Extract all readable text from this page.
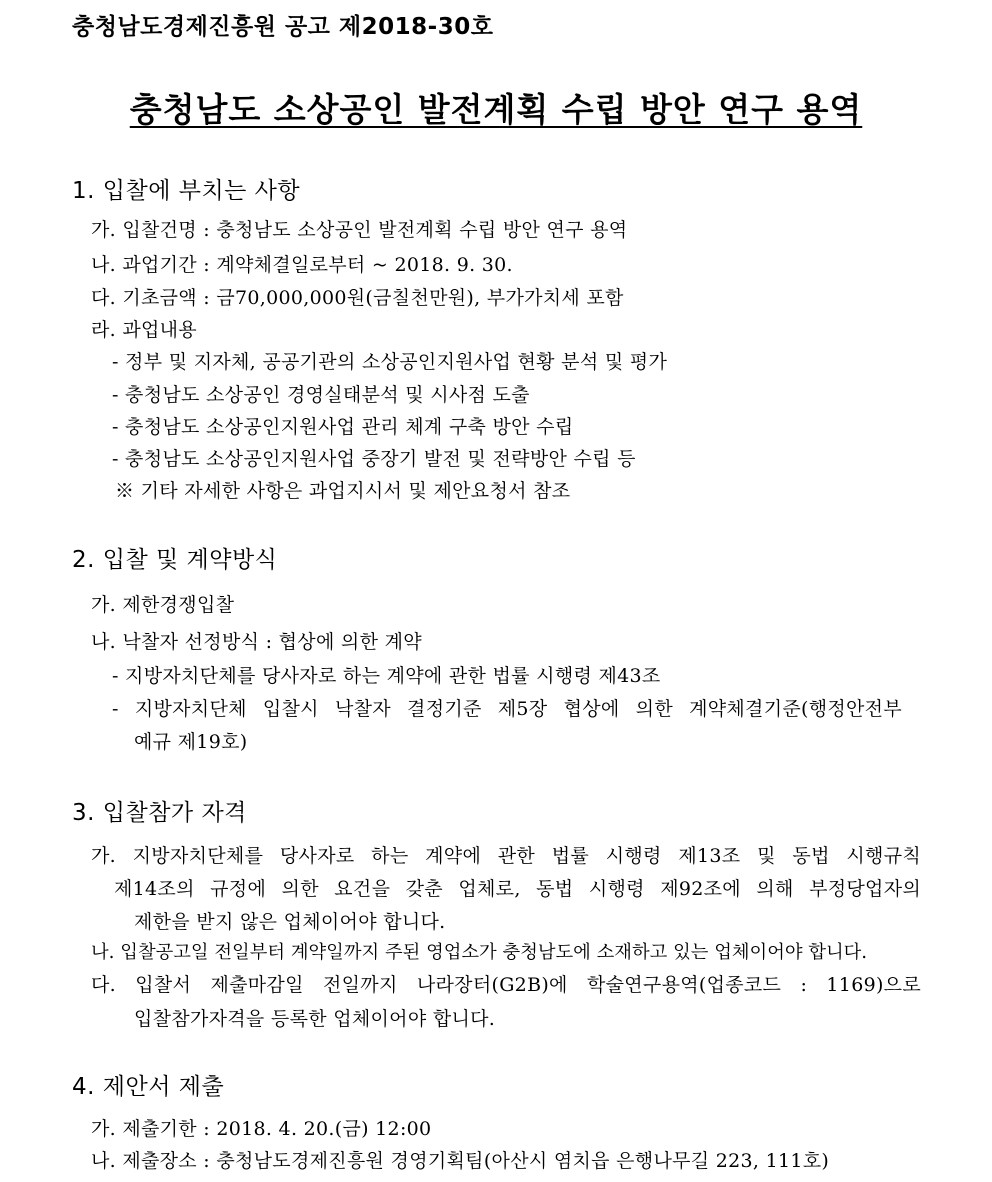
충청남도경제진흥원 공고 제2018-30호
충청남도 소상공인 발전계획 수립 방안 연구 용역
1. 입찰에 부치는 사항
가. 입찰건명 : 충청남도 소상공인 발전계획 수립 방안 연구 용역
나. 과업기간 : 계약체결일로부터 ~ 2018. 9. 30.
다. 기초금액 : 금70,000,000원(금칠천만원), 부가가치세 포함
라. 과업내용
- 정부 및 지자체, 공공기관의 소상공인지원사업 현황 분석 및 평가
- 충청남도 소상공인 경영실태분석 및 시사점 도출
- 충청남도 소상공인지원사업 관리 체계 구축 방안 수립
- 충청남도 소상공인지원사업 중장기 발전 및 전략방안 수립 등
※ 기타 자세한 사항은 과업지시서 및 제안요청서 참조
2. 입찰 및 계약방식
가. 제한경쟁입찰
나. 낙찰자 선정방식 : 협상에 의한 계약
- 지방자치단체를 당사자로 하는 계약에 관한 법률 시행령 제43조
- 지방자치단체 입찰시 낙찰자 결정기준 제5장 협상에 의한 계약체결기준(행정안전부
예규 제19호)
3. 입찰참가 자격
가. 지방자치단체를 당사자로 하는 계약에 관한 법률 시행령 제13조 및 동법 시행규칙
제14조의 규정에 의한 요건을 갖춘 업체로, 동법 시행령 제92조에 의해 부정당업자의
제한을 받지 않은 업체이어야 합니다.
나. 입찰공고일 전일부터 계약일까지 주된 영업소가 충청남도에 소재하고 있는 업체이어야 합니다.
다. 입찰서 제출마감일 전일까지 나라장터(G2B)에 학술연구용역(업종코드 : 1169)으로
입찰참가자격을 등록한 업체이어야 합니다.
4. 제안서 제출
가. 제출기한 : 2018. 4. 20.(금) 12:00
나. 제출장소 : 충청남도경제진흥원 경영기획팀(아산시 염치읍 은행나무길 223, 111호)
